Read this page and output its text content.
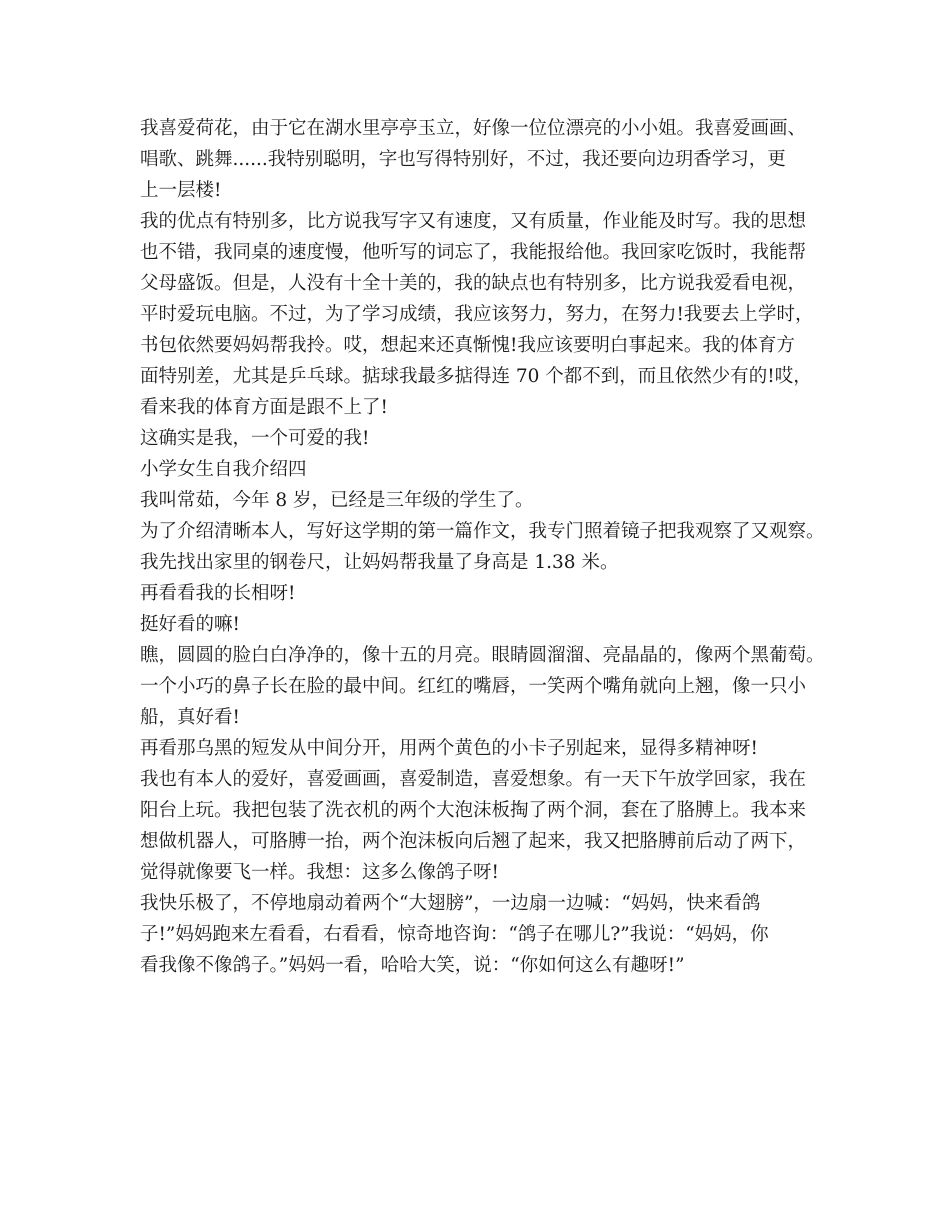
我喜爱荷花，由于它在湖水里亭亭玉立，好像一位位漂亮的小小姐。我喜爱画画、
唱歌、跳舞......我特别聪明，字也写得特别好，不过，我还要向边玥香学习，更
上一层楼!
我的优点有特别多，比方说我写字又有速度，又有质量，作业能及时写。我的思想
也不错，我同桌的速度慢，他听写的词忘了，我能报给他。我回家吃饭时，我能帮
父母盛饭。但是，人没有十全十美的，我的缺点也有特别多，比方说我爱看电视，
平时爱玩电脑。不过，为了学习成绩，我应该努力，努力，在努力!我要去上学时，
书包依然要妈妈帮我拎。哎，想起来还真惭愧!我应该要明白事起来。我的体育方
面特别差，尤其是乒乓球。掂球我最多掂得连 70 个都不到，而且依然少有的!哎，
看来我的体育方面是跟不上了!
这确实是我，一个可爱的我!
小学女生自我介绍四
我叫常茹，今年 8 岁，已经是三年级的学生了。
为了介绍清晰本人，写好这学期的第一篇作文，我专门照着镜子把我观察了又观察。
我先找出家里的钢卷尺，让妈妈帮我量了身高是 1.38 米。
再看看我的长相呀!
挺好看的嘛!
瞧，圆圆的脸白白净净的，像十五的月亮。眼睛圆溜溜、亮晶晶的，像两个黑葡萄。
一个小巧的鼻子长在脸的最中间。红红的嘴唇，一笑两个嘴角就向上翘，像一只小
船，真好看!
再看那乌黑的短发从中间分开，用两个黄色的小卡子别起来，显得多精神呀!
我也有本人的爱好，喜爱画画，喜爱制造，喜爱想象。有一天下午放学回家，我在
阳台上玩。我把包装了洗衣机的两个大泡沫板掏了两个洞，套在了胳膊上。我本来
想做机器人，可胳膊一抬，两个泡沫板向后翘了起来，我又把胳膊前后动了两下，
觉得就像要飞一样。我想：这多么像鸽子呀!
我快乐极了，不停地扇动着两个“大翅膀”，一边扇一边喊：“妈妈，快来看鸽
子!”妈妈跑来左看看，右看看，惊奇地咨询：“鸽子在哪儿?”我说：“妈妈，你
看我像不像鸽子。”妈妈一看，哈哈大笑，说：“你如何这么有趣呀!”
